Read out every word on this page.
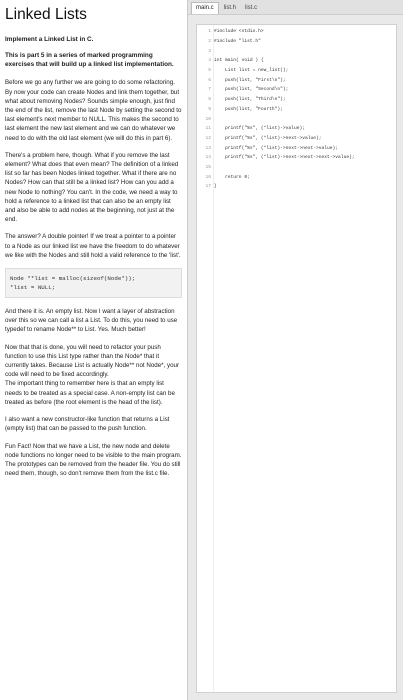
Linked Lists
Implement a Linked List in C.
This is part 5 in a series of marked programming exercises that will build up a linked list implementation.

Before we go any further we are going to do some refactoring. By now your code can create Nodes and link them together, but what about removing Nodes? Sounds simple enough, just find the end of the list, remove the last Node by setting the second to last element's next member to NULL. This makes the second to last element the new last element and we can do whatever we need to do with the old last element (we will do this in part 6).

There's a problem here, though. What if you remove the last element? What does that even mean? The definition of a linked list so far has been Nodes linked together. What if there are no Nodes? How can that still be a linked list? How can you add a new Node to nothing? You can't. In the code, we need a way to hold a reference to a linked list that can also be an empty list and also be able to add nodes at the beginning, not just at the end.

The answer? A double pointer! If we treat a pointer to a pointer to a Node as our linked list we have the freedom to do whatever we like with the Nodes and still hold a valid reference to the 'list'.

Node **list = malloc(sizeof(Node*));
*list = NULL;

And there it is. An empty list. Now I want a layer of abstraction over this so we can call a list a List. To do this, you need to use typedef to rename Node** to List. Yes. Much better!

Now that that is done, you will need to refactor your push function to use this List type rather than the Node* that it currently takes. Because List is actually Node** not Node*, your code will need to be fixed accordingly.

The important thing to remember here is that an empty list needs to be treated as a special case. A non-empty list can be treated as before (the root element is the head of the list).

I also want a new constructor-like function that returns a List (empty list) that can be passed to the push function.

Fun Fact! Now that we have a List, the new node and delete node functions no longer need to be visible to the main program. The prototypes can be removed from the header file. You do still need them, though, so don't remove them from the list.c file.

main.c	list.h	list.c
1 #include <stdio.h>
2 #include "list.h"
3
4 int main( void ) {
5 List list = new_list();
6 push(list, "First\n");
7 push(list, "Second\n");
8 push(list, "Third\n");
9 push(list, "Fourth");
10
11 printf("%s", (*list)->value);
12 printf("%s", (*list)->next->value);
13 printf("%s", (*list)->next->next->value);
14 printf("%s", (*list)->next->next->next->value);
15
16 return 0;
17 }
